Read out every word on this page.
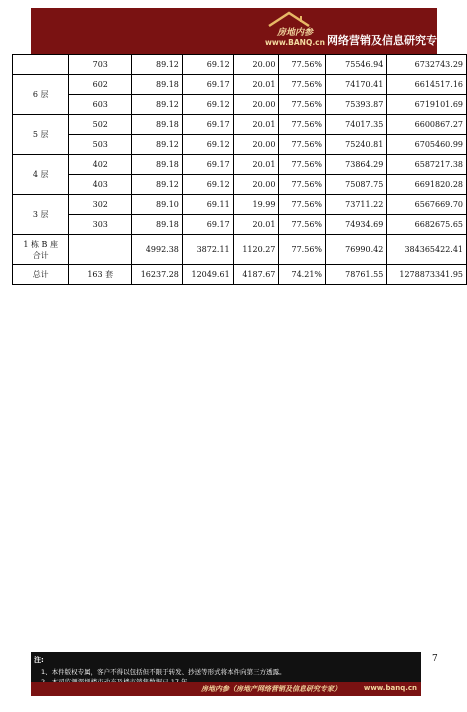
房地内参
www.BANQ.cn 网络营销及信息研究专家
	703	89.12	69.12	20.00	77.56%	75546.94	6732743.29
6 层	602	89.18	69.17	20.01	77.56%	74170.41	6614517.16
	603	89.12	69.12	20.00	77.56%	75393.87	6719101.69
5 层	502	89.18	69.17	20.01	77.56%	74017.35	6600867.27
	503	89.12	69.12	20.00	77.56%	75240.81	6705460.99
4 层	402	89.18	69.17	20.01	77.56%	73864.29	6587217.38
	403	89.12	69.12	20.00	77.56%	75087.75	6691820.28
3 层	302	89.10	69.11	19.99	77.56%	73711.22	6567669.70
	303	89.18	69.17	20.01	77.56%	74934.69	6682675.65
1 栋 B 座
合计		4992.38	3872.11	1120.27	77.56%	76990.42	384365422.41
总计	163 套	16237.28	12049.61	4187.67	74.21%	78761.55	1278873341.95
7
注:
1、本件版权专属，客户不得以包括但不限于转发、抄送等形式将本件向第三方透露。
房地内参（房地产网络营销及信息研究专家）	www.banq.cn
